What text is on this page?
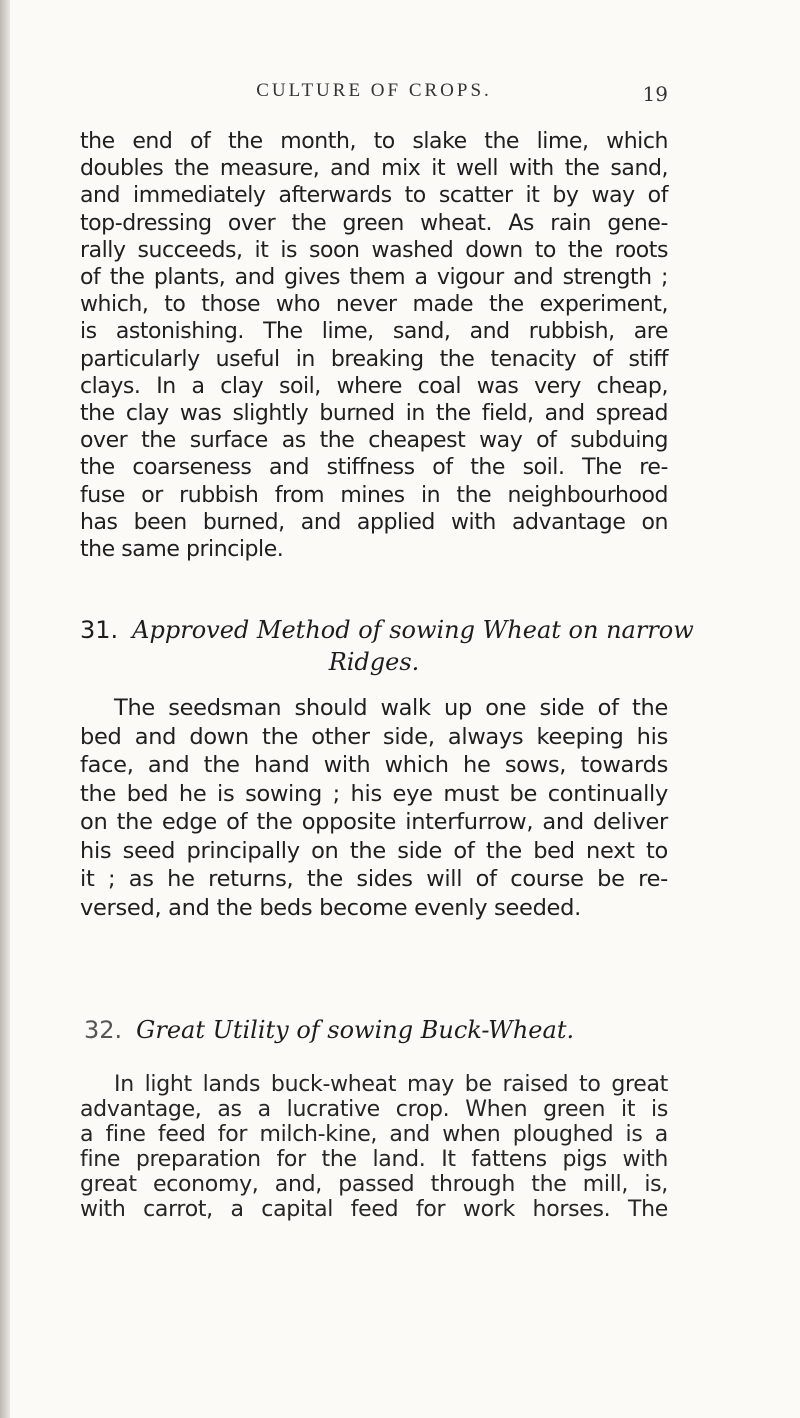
CULTURE OF CROPS.	19
the end of the month, to slake the lime, which
doubles the measure, and mix it well with the sand,
and immediately afterwards to scatter it by way of
top-dressing over the green wheat. As rain gene-
rally succeeds, it is soon washed down to the roots
of the plants, and gives them a vigour and strength ;
which, to those who never made the experiment,
is astonishing. The lime, sand, and rubbish, are
particularly useful in breaking the tenacity of stiff
clays. In a clay soil, where coal was very cheap,
the clay was slightly burned in the field, and spread
over the surface as the cheapest way of subduing
the coarseness and stiffness of the soil. The re-
fuse or rubbish from mines in the neighbourhood
has been burned, and applied with advantage on
the same principle.
31. Approved Method of sowing Wheat on narrow
Ridges.
The seedsman should walk up one side of the
bed and down the other side, always keeping his
face, and the hand with which he sows, towards
the bed he is sowing ; his eye must be continually
on the edge of the opposite interfurrow, and deliver
his seed principally on the side of the bed next to
it ; as he returns, the sides will of course be re-
versed, and the beds become evenly seeded.
32. Great Utility of sowing Buck-Wheat.
In light lands buck-wheat may be raised to great
advantage, as a lucrative crop. When green it is
a fine feed for milch-kine, and when ploughed is a
fine preparation for the land. It fattens pigs with
great economy, and, passed through the mill, is,
with carrot, a capital feed for work horses. The
